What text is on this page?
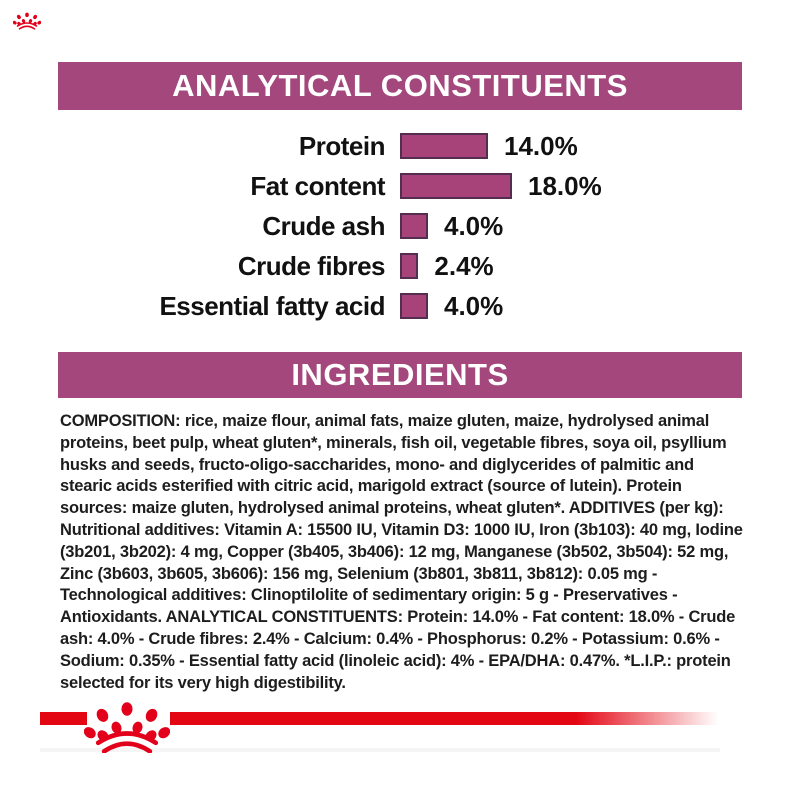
ANALYTICAL CONSTITUENTS
Protein	14.0%
Fat content	18.0%
Crude ash 4.0%
Crude fibres 2.4%
Essential fatty acid 4.0%
INGREDIENTS

COMPOSITION: rice, maize flour, animal fats, maize gluten, maize, hydrolysed animal proteins, beet pulp, wheat gluten*, minerals, fish oil, vegetable fibres, soya oil, psyllium husks and seeds, fructo-oligo-saccharides, mono- and diglycerides of palmitic and stearic acids esterified with citric acid, marigold extract (source of lutein). Protein sources: maize gluten, hydrolysed animal proteins, wheat gluten*. ADDITIVES (per kg): Nutritional additives: Vitamin A: 15500 IU, Vitamin D3: 1000 IU, Iron (3b103): 40 mg, Iodine (3b201, 3b202): 4 mg, Copper (3b405, 3b406): 12 mg, Manganese (3b502, 3b504): 52 mg, Zinc (3b603, 3b605, 3b606): 156 mg, Selenium (3b801, 3b811, 3b812): 0.05 mg - Technological additives: Clinoptilolite of sedimentary origin: 5 g - Preservatives - Antioxidants. ANALYTICAL CONSTITUENTS: Protein: 14.0% - Fat content: 18.0% - Crude ash: 4.0% - Crude fibres: 2.4% - Calcium: 0.4% - Phosphorus: 0.2% - Potassium: 0.6% - Sodium: 0.35% - Essential fatty acid (linoleic acid): 4% - EPA/DHA: 0.47%. *L.I.P.: protein selected for its very high digestibility.
